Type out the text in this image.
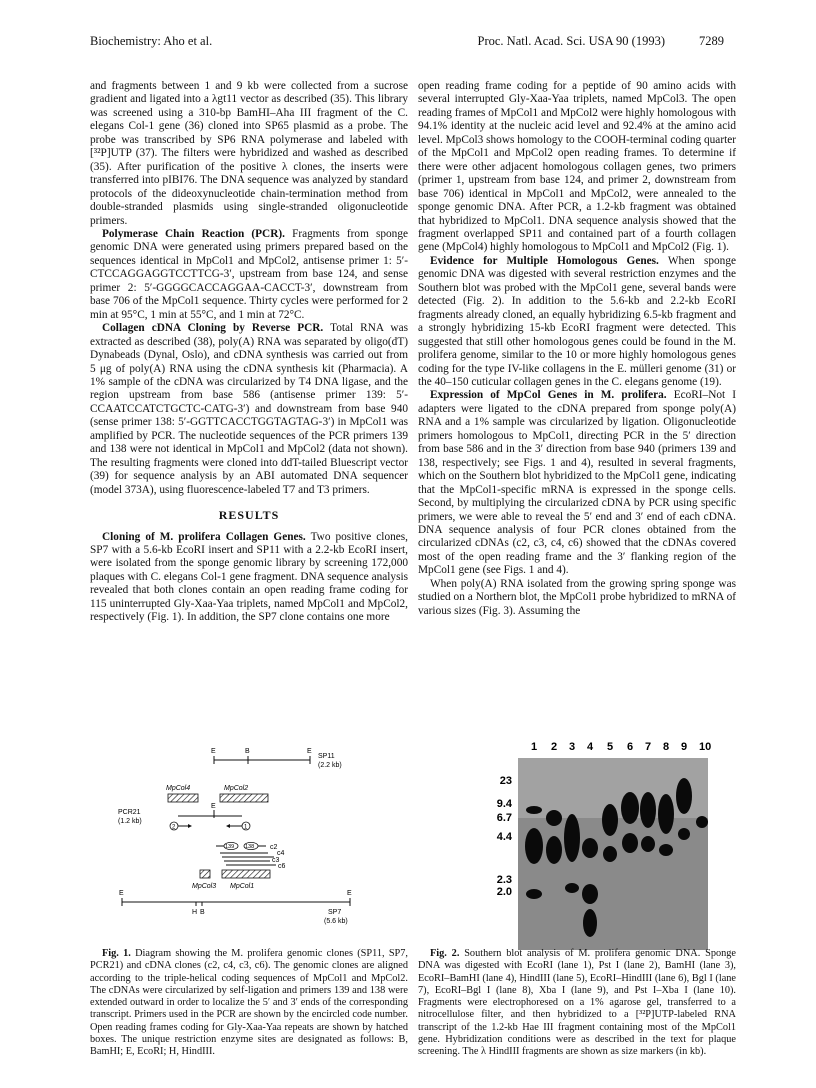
Biochemistry: Aho et al.	Proc. Natl. Acad. Sci. USA 90 (1993)	7289

and fragments between 1 and 9 kb were collected from a sucrose gradient and ligated into a λgt11 vector as described (35). This library was screened using a 310-bp BamHI–Aha III fragment of the C. elegans Col-1 gene (36) cloned into SP65 plasmid as a probe. The probe was transcribed by SP6 RNA polymerase and labeled with [³²P]UTP (37). The filters were hybridized and washed as described (35). After purification of the positive λ clones, the inserts were transferred into pIBI76. The DNA sequence was analyzed by standard protocols of the dideoxynucleotide chain-termination method from double-stranded plasmids using single-stranded oligonucleotide primers.

Polymerase Chain Reaction (PCR). Fragments from sponge genomic DNA were generated using primers prepared based on the sequences identical in MpCol1 and MpCol2, antisense primer 1: 5′-CTCCAGGAGGTCCTTCG-3′, upstream from base 124, and sense primer 2: 5′-GGGGCACCAGGAA-CACCT-3′, downstream from base 706 of the MpCol1 sequence. Thirty cycles were performed for 2 min at 95°C, 1 min at 55°C, and 1 min at 72°C.

Collagen cDNA Cloning by Reverse PCR. Total RNA was extracted as described (38), poly(A) RNA was separated by oligo(dT) Dynabeads (Dynal, Oslo), and cDNA synthesis was carried out from 5 μg of poly(A) RNA using the cDNA synthesis kit (Pharmacia). A 1% sample of the cDNA was circularized by T4 DNA ligase, and the region upstream from base 586 (antisense primer 139: 5′-CCAATCCATCTGCTC-CATG-3′) and downstream from base 940 (sense primer 138: 5′-GGTTCACCTGGTAGTAG-3′) in MpCol1 was amplified by PCR. The nucleotide sequences of the PCR primers 139 and 138 were not identical in MpCol1 and MpCol2 (data not shown). The resulting fragments were cloned into ddT-tailed Bluescript vector (39) for sequence analysis by an ABI automated DNA sequencer (model 373A), using fluorescence-labeled T7 and T3 primers.

RESULTS

Cloning of M. prolifera Collagen Genes. Two positive clones, SP7 with a 5.6-kb EcoRI insert and SP11 with a 2.2-kb EcoRI insert, were isolated from the sponge genomic library by screening 172,000 plaques with C. elegans Col-1 gene fragment. DNA sequence analysis revealed that both clones contain an open reading frame coding for 115 uninterrupted Gly-Xaa-Yaa triplets, named MpCol1 and MpCol2, respectively (Fig. 1). In addition, the SP7 clone contains one more

open reading frame coding for a peptide of 90 amino acids with several interrupted Gly-Xaa-Yaa triplets, named MpCol3. The open reading frames of MpCol1 and MpCol2 were highly homologous with 94.1% identity at the nucleic acid level and 92.4% at the amino acid level. MpCol3 shows homology to the COOH-terminal coding quarter of the MpCol1 and MpCol2 open reading frames. To determine if there were other adjacent homologous collagen genes, two primers (primer 1, upstream from base 124, and primer 2, downstream from base 706) identical in MpCol1 and MpCol2, were annealed to the sponge genomic DNA. After PCR, a 1.2-kb fragment was obtained that hybridized to MpCol1. DNA sequence analysis showed that the fragment overlapped SP11 and contained part of a fourth collagen gene (MpCol4) highly homologous to MpCol1 and MpCol2 (Fig. 1).

Evidence for Multiple Homologous Genes. When sponge genomic DNA was digested with several restriction enzymes and the Southern blot was probed with the MpCol1 gene, several bands were detected (Fig. 2). In addition to the 5.6-kb and 2.2-kb EcoRI fragments already cloned, an equally hybridizing 6.5-kb fragment and a strongly hybridizing 15-kb EcoRI fragment were detected. This suggested that still other homologous genes could be found in the M. prolifera genome, similar to the 10 or more highly homologous genes coding for the type IV-like collagens in the E. mülleri genome (31) or the 40–150 cuticular collagen genes in the C. elegans genome (19).

Expression of MpCol Genes in M. prolifera. EcoRI–Not I adapters were ligated to the cDNA prepared from sponge poly(A) RNA and a 1% sample was circularized by ligation. Oligonucleotide primers homologous to MpCol1, directing PCR in the 5′ direction from base 586 and in the 3′ direction from base 940 (primers 139 and 138, respectively; see Figs. 1 and 4), resulted in several fragments, which on the Southern blot hybridized to the MpCol1 gene, indicating that the MpCol1-specific mRNA is expressed in the sponge cells. Second, by multiplying the circularized cDNA by PCR using specific primers, we were able to reveal the 5′ end and 3′ end of each cDNA. DNA sequence analysis of four PCR clones obtained from the circularized cDNAs (c2, c3, c4, c6) showed that the cDNAs covered most of the open reading frame and the 3′ flanking region of the MpCol1 gene (see Figs. 1 and 4).

When poly(A) RNA isolated from the growing spring sponge was studied on a Northern blot, the MpCol1 probe hybridized to mRNA of various sizes (Fig. 3). Assuming the

E	B	E
SP11
(2.2 kb)
MpCol4	MpCol2
E
PCR21
(1.2 kb)
2	1
139 138 c2
c4
c3
c6
MpCol3 MpCol1
E	E
H B	SP7
(5.6 kb)
1 2 3 4 5 6 7 8 9 10
23
9.4
6.7
4.4
2.3
2.0

Fig. 1. Diagram showing the M. prolifera genomic clones (SP11, SP7, PCR21) and cDNA clones (c2, c4, c3, c6). The genomic clones are aligned according to the triple-helical coding sequences of MpCol1 and MpCol2. The cDNAs were circularized by self-ligation and primers 139 and 138 were extended outward in order to localize the 5′ and 3′ ends of the corresponding transcript. Primers used in the PCR are shown by the encircled code number. Open reading frames coding for Gly-Xaa-Yaa repeats are shown by hatched boxes. The unique restriction enzyme sites are designated as follows: B, BamHI; E, EcoRI; H, HindIII.

Fig. 2. Southern blot analysis of M. prolifera genomic DNA. Sponge DNA was digested with EcoRI (lane 1), Pst I (lane 2), BamHI (lane 3), EcoRI–BamHI (lane 4), HindIII (lane 5), EcoRI–HindIII (lane 6), Bgl I (lane 7), EcoRI–Bgl I (lane 8), Xba I (lane 9), and Pst I–Xba I (lane 10). Fragments were electrophoresed on a 1% agarose gel, transferred to a nitrocellulose filter, and then hybridized to a [³²P]UTP-labeled RNA transcript of the 1.2-kb Hae III fragment containing most of the MpCol1 gene. Hybridization conditions were as described in the text for plaque screening. The λ HindIII fragments are shown as size markers (in kb).
